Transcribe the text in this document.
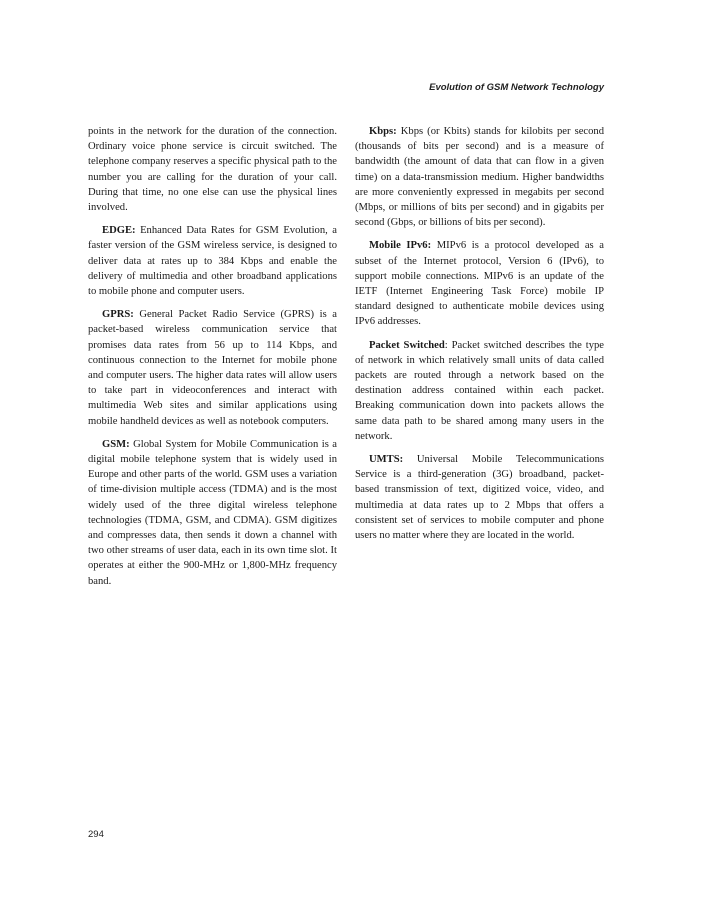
Evolution of GSM Network Technology

points in the network for the duration of the connection. Ordinary voice phone service is circuit switched. The telephone company reserves a specific physical path to the number you are calling for the duration of your call. During that time, no one else can use the physical lines involved.

EDGE: Enhanced Data Rates for GSM Evolution, a faster version of the GSM wireless service, is designed to deliver data at rates up to 384 Kbps and enable the delivery of multimedia and other broadband applications to mobile phone and computer users.

GPRS: General Packet Radio Service (GPRS) is a packet-based wireless communication service that promises data rates from 56 up to 114 Kbps, and continuous connection to the Internet for mobile phone and computer users. The higher data rates will allow users to take part in videoconferences and interact with multimedia Web sites and similar applications using mobile handheld devices as well as notebook computers.

GSM: Global System for Mobile Communication is a digital mobile telephone system that is widely used in Europe and other parts of the world. GSM uses a variation of time-division multiple access (TDMA) and is the most widely used of the three digital wireless telephone technologies (TDMA, GSM, and CDMA). GSM digitizes and compresses data, then sends it down a channel with two other streams of user data, each in its own time slot. It operates at either the 900-MHz or 1,800-MHz frequency band.

Kbps: Kbps (or Kbits) stands for kilobits per second (thousands of bits per second) and is a measure of bandwidth (the amount of data that can flow in a given time) on a data-transmission medium. Higher bandwidths are more conveniently expressed in megabits per second (Mbps, or millions of bits per second) and in gigabits per second (Gbps, or billions of bits per second).

Mobile IPv6: MIPv6 is a protocol developed as a subset of the Internet protocol, Version 6 (IPv6), to support mobile connections. MIPv6 is an update of the IETF (Internet Engineering Task Force) mobile IP standard designed to authenticate mobile devices using IPv6 addresses.

Packet Switched: Packet switched describes the type of network in which relatively small units of data called packets are routed through a network based on the destination address contained within each packet. Breaking communication down into packets allows the same data path to be shared among many users in the network.

UMTS: Universal Mobile Telecommunications Service is a third-generation (3G) broadband, packet-based transmission of text, digitized voice, video, and multimedia at data rates up to 2 Mbps that offers a consistent set of services to mobile computer and phone users no matter where they are located in the world.

294
